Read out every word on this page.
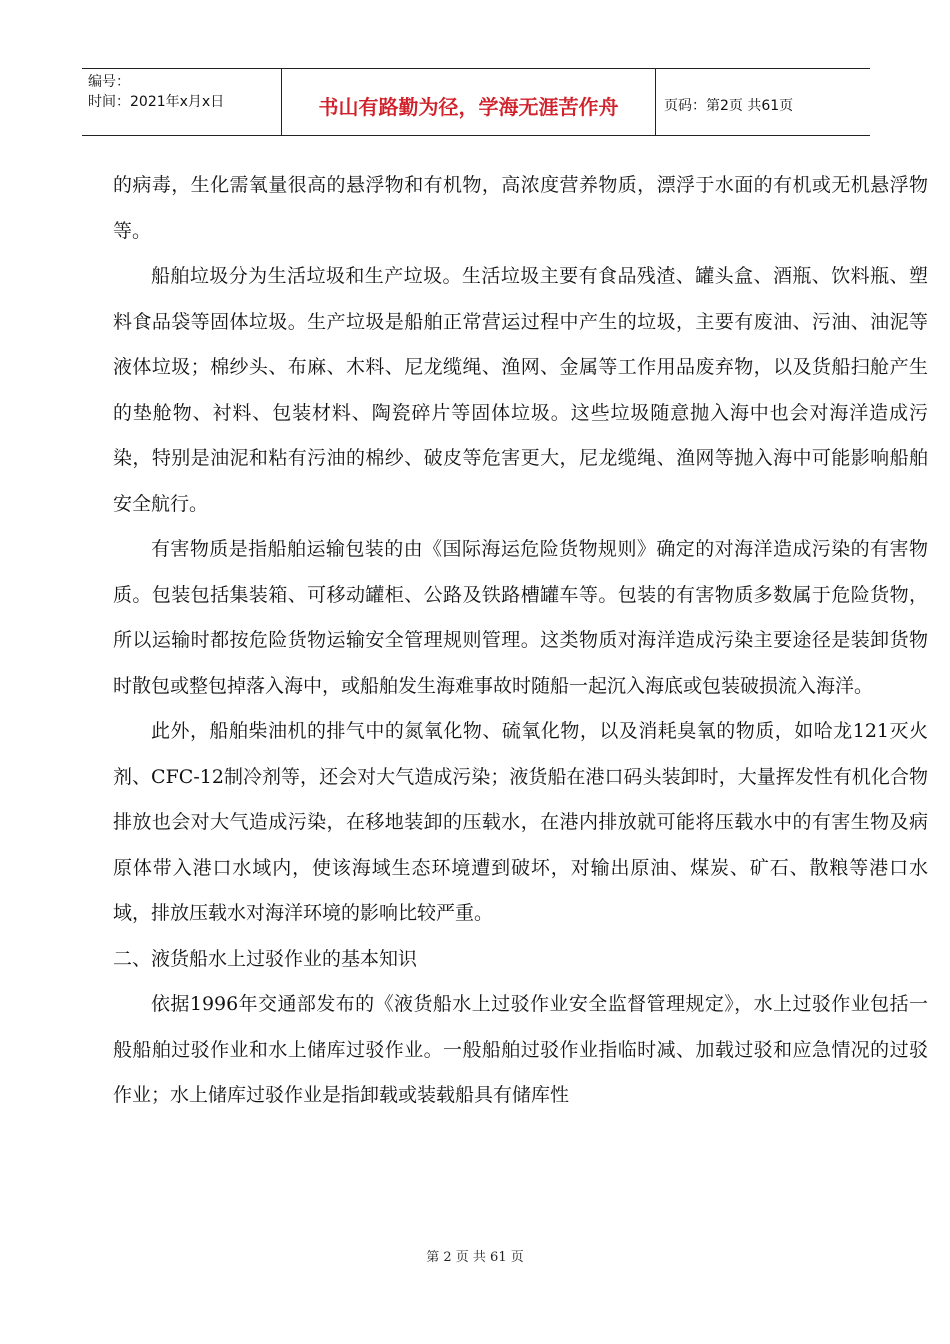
编号：
时间：2021年x月x日	书山有路勤为径，学海无涯苦作舟	页码：第2页 共61页

的病毒，生化需氧量很高的悬浮物和有机物，高浓度营养物质，漂浮于水面的有机或无机悬浮物等。

船舶垃圾分为生活垃圾和生产垃圾。生活垃圾主要有食品残渣、罐头盒、酒瓶、饮料瓶、塑料食品袋等固体垃圾。生产垃圾是船舶正常营运过程中产生的垃圾，主要有废油、污油、油泥等液体垃圾；棉纱头、布麻、木料、尼龙缆绳、渔网、金属等工作用品废弃物，以及货船扫舱产生的垫舱物、衬料、包装材料、陶瓷碎片等固体垃圾。这些垃圾随意抛入海中也会对海洋造成污染，特别是油泥和粘有污油的棉纱、破皮等危害更大，尼龙缆绳、渔网等抛入海中可能影响船舶安全航行。

有害物质是指船舶运输包装的由《国际海运危险货物规则》确定的对海洋造成污染的有害物质。包装包括集装箱、可移动罐柜、公路及铁路槽罐车等。包装的有害物质多数属于危险货物，所以运输时都按危险货物运输安全管理规则管理。这类物质对海洋造成污染主要途径是装卸货物时散包或整包掉落入海中，或船舶发生海难事故时随船一起沉入海底或包装破损流入海洋。

此外，船舶柴油机的排气中的氮氧化物、硫氧化物，以及消耗臭氧的物质，如哈龙121灭火剂、CFC-12制冷剂等，还会对大气造成污染；液货船在港口码头装卸时，大量挥发性有机化合物排放也会对大气造成污染，在移地装卸的压载水，在港内排放就可能将压载水中的有害生物及病原体带入港口水域内，使该海域生态环境遭到破坏，对输出原油、煤炭、矿石、散粮等港口水域，排放压载水对海洋环境的影响比较严重。

二、液货船水上过驳作业的基本知识

依据1996年交通部发布的《液货船水上过驳作业安全监督管理规定》，水上过驳作业包括一般船舶过驳作业和水上储库过驳作业。一般船舶过驳作业指临时减、加载过驳和应急情况的过驳作业；水上储库过驳作业是指卸载或装载船具有储库性

第 2 页 共 61 页
